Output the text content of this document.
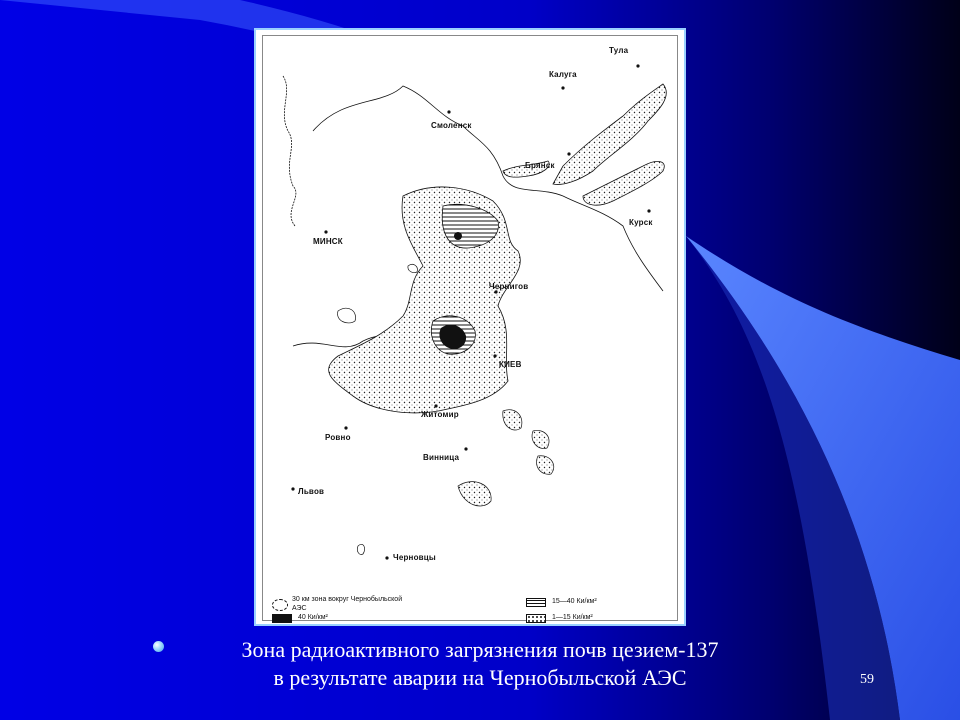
Тула
Калуга
Смоленск
Брянск
Курск
МИНСК
Чернигов
КИЕВ
Житомир
Ровно
Винница
Львов
Черновцы
30 км зона вокруг Чернобыльской
АЭС
40 Ки/км²
15—40 Ки/км²
1—15 Ки/км²
Зона радиоактивного загрязнения почв цезием-137
в результате аварии на Чернобыльской АЭС	59
